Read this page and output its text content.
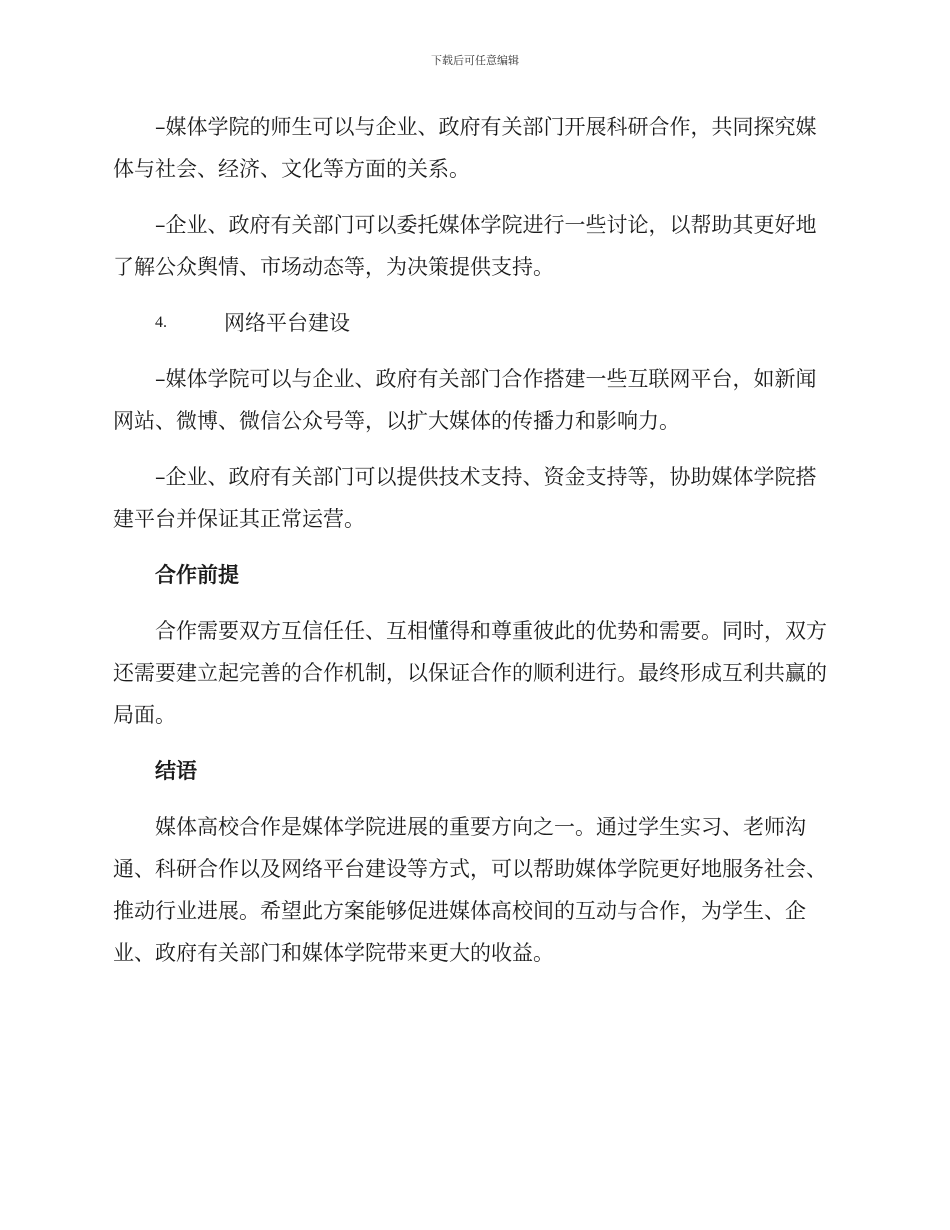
下载后可任意编辑

–媒体学院的师生可以与企业、政府有关部门开展科研合作，共同探究媒体与社会、经济、文化等方面的关系。

–企业、政府有关部门可以委托媒体学院进行一些讨论，以帮助其更好地了解公众舆情、市场动态等，为决策提供支持。

4.	网络平台建设

–媒体学院可以与企业、政府有关部门合作搭建一些互联网平台，如新闻网站、微博、微信公众号等，以扩大媒体的传播力和影响力。

–企业、政府有关部门可以提供技术支持、资金支持等，协助媒体学院搭建平台并保证其正常运营。

合作前提

合作需要双方互信任任、互相懂得和尊重彼此的优势和需要。同时，双方还需要建立起完善的合作机制，以保证合作的顺利进行。最终形成互利共赢的局面。

结语

媒体高校合作是媒体学院进展的重要方向之一。通过学生实习、老师沟通、科研合作以及网络平台建设等方式，可以帮助媒体学院更好地服务社会、推动行业进展。希望此方案能够促进媒体高校间的互动与合作，为学生、企业、政府有关部门和媒体学院带来更大的收益。
